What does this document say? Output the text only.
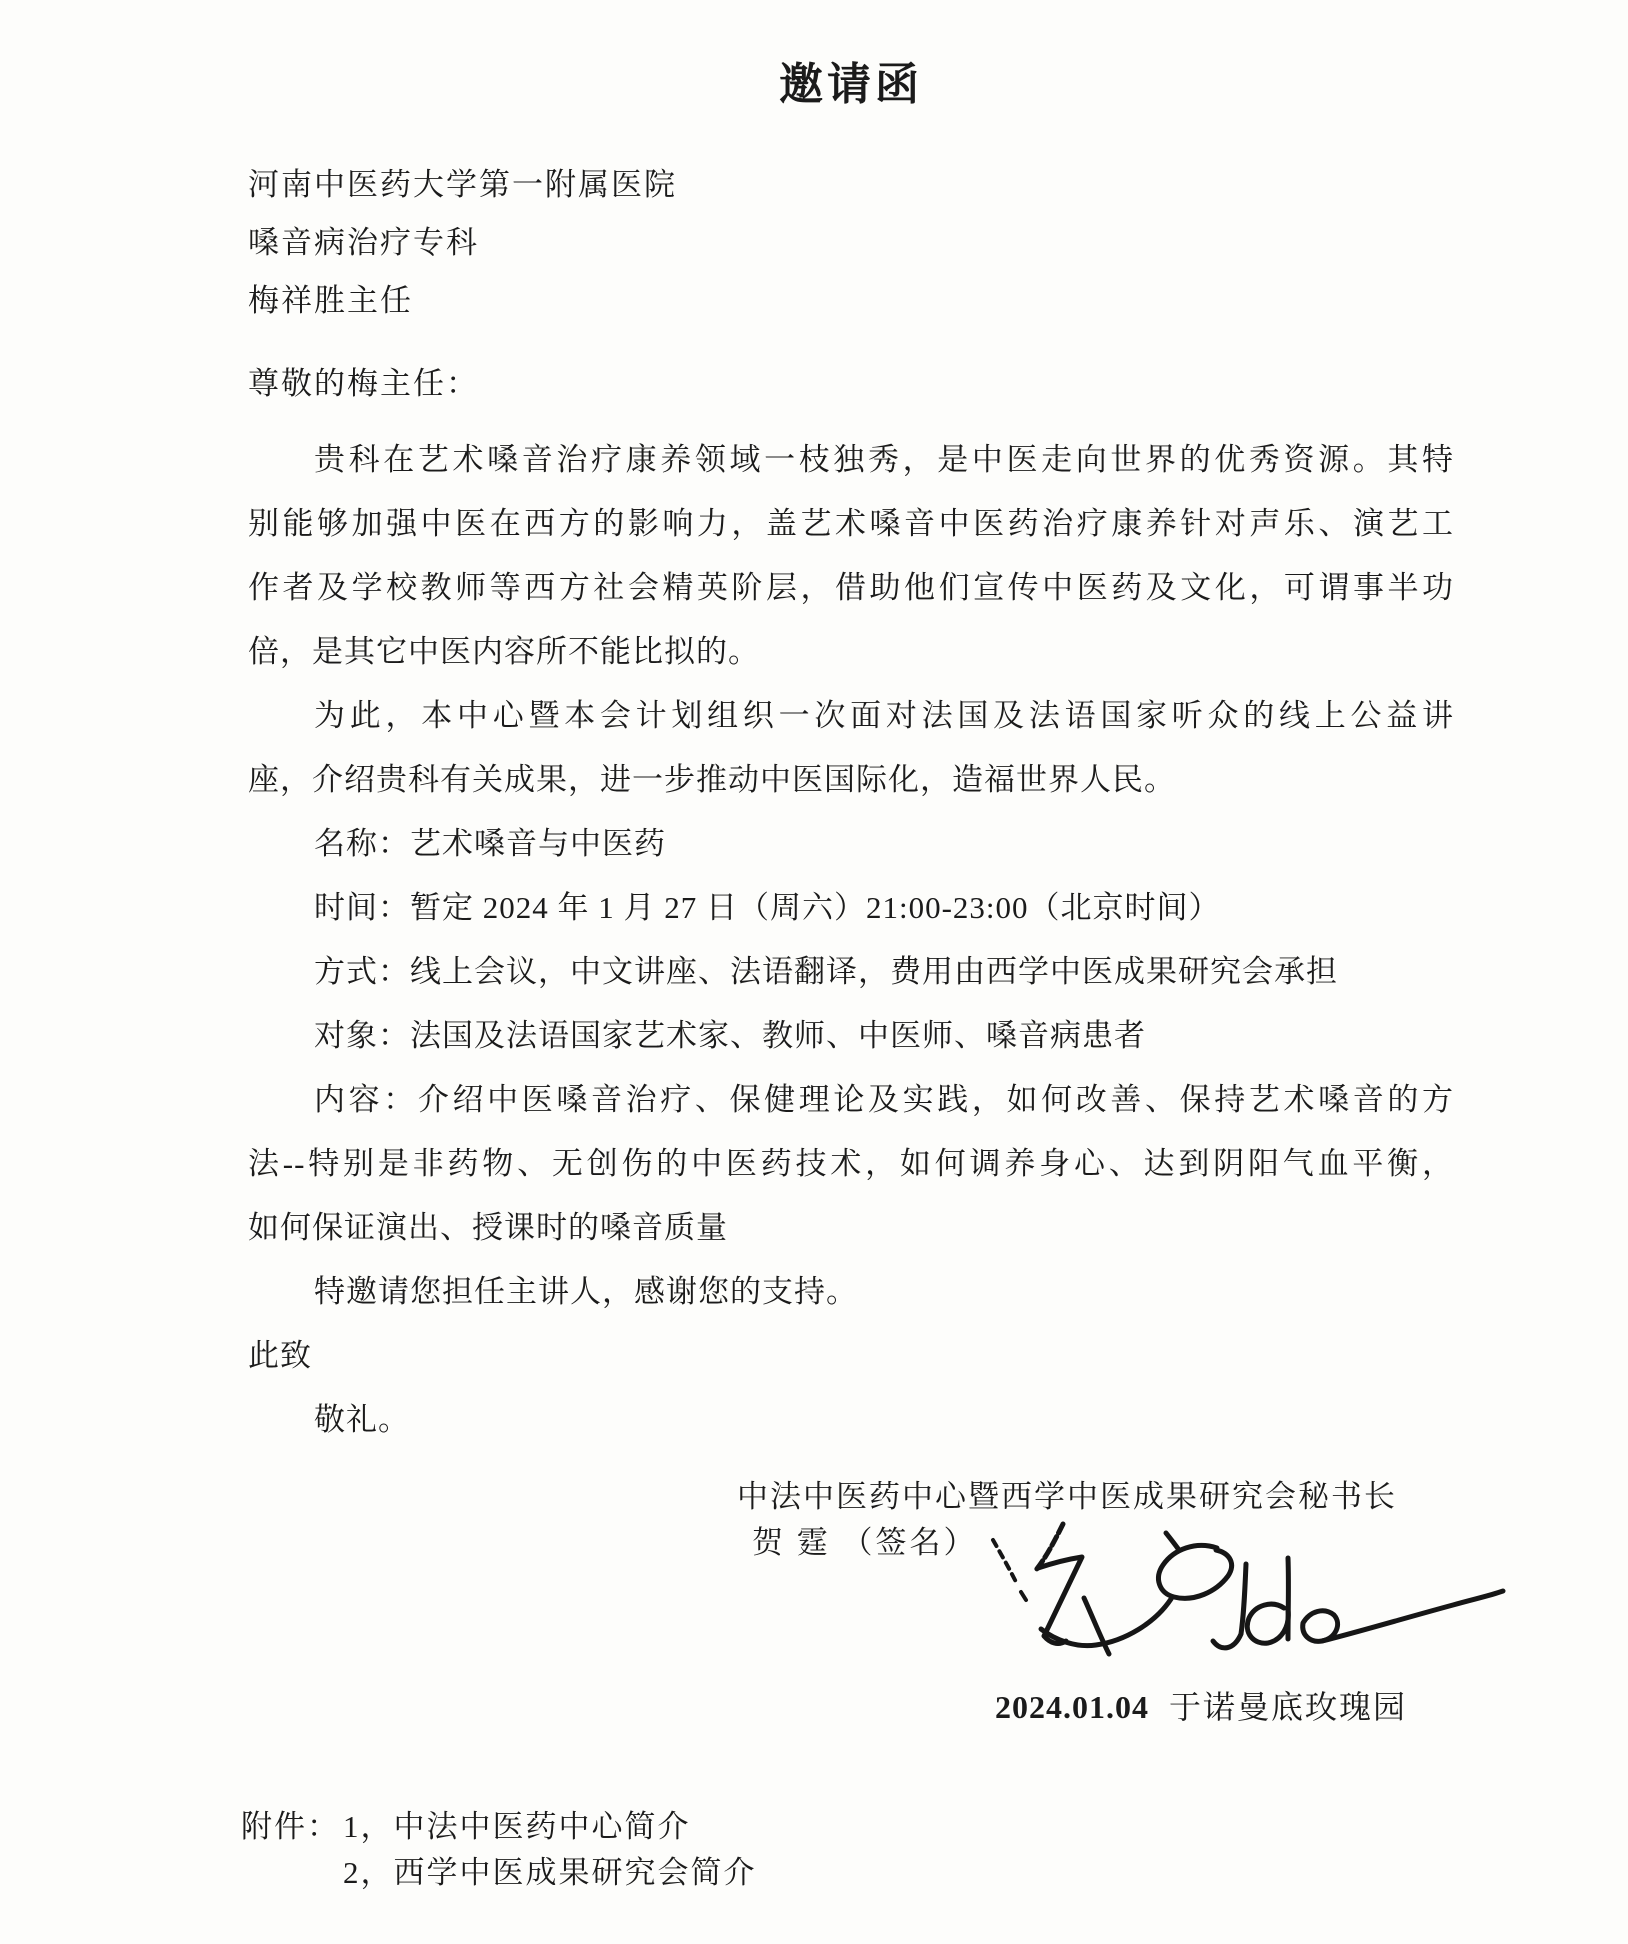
邀请函
河南中医药大学第一附属医院
嗓音病治疗专科
梅祥胜主任
尊敬的梅主任：
贵科在艺术嗓音治疗康养领域一枝独秀，是中医走向世界的优秀资源。其特
别能够加强中医在西方的影响力，盖艺术嗓音中医药治疗康养针对声乐、演艺工
作者及学校教师等西方社会精英阶层，借助他们宣传中医药及文化，可谓事半功
倍，是其它中医内容所不能比拟的。
为此，本中心暨本会计划组织一次面对法国及法语国家听众的线上公益讲
座，介绍贵科有关成果，进一步推动中医国际化，造福世界人民。
名称：艺术嗓音与中医药
时间：暂定 2024 年 1 月 27 日（周六）21:00-23:00（北京时间）
方式：线上会议，中文讲座、法语翻译，费用由西学中医成果研究会承担
对象：法国及法语国家艺术家、教师、中医师、嗓音病患者
内容：介绍中医嗓音治疗、保健理论及实践，如何改善、保持艺术嗓音的方
法--特别是非药物、无创伤的中医药技术，如何调养身心、达到阴阳气血平衡，
如何保证演出、授课时的嗓音质量
特邀请您担任主讲人，感谢您的支持。
此致
敬礼。
中法中医药中心暨西学中医成果研究会秘书长
贺 霆 （签名）
2024.01.04 于诺曼底玫瑰园
附件：1，中法中医药中心简介
2，西学中医成果研究会简介
